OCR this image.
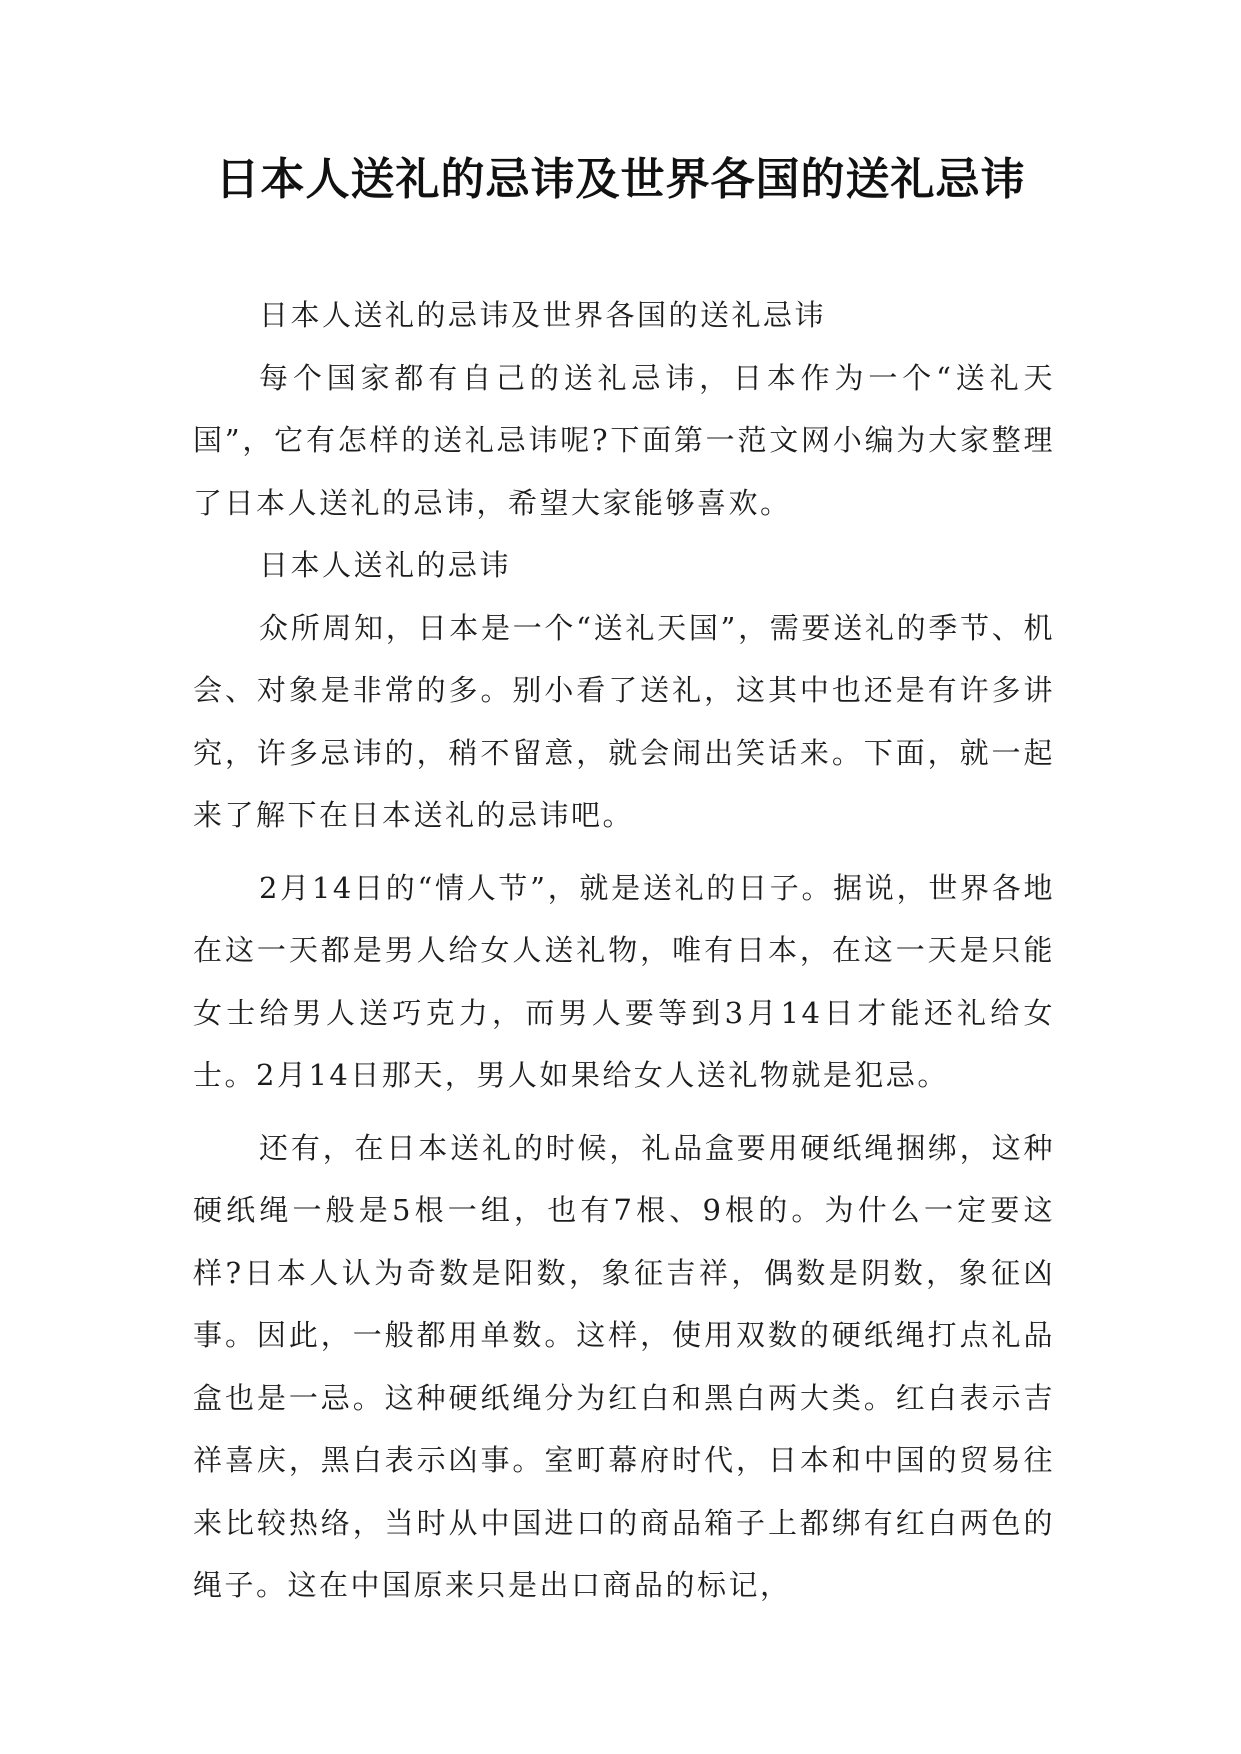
日本人送礼的忌讳及世界各国的送礼忌讳

日本人送礼的忌讳及世界各国的送礼忌讳

每个国家都有自己的送礼忌讳，日本作为一个“送礼天国”，它有怎样的送礼忌讳呢?下面第一范文网小编为大家整理了日本人送礼的忌讳，希望大家能够喜欢。

日本人送礼的忌讳

众所周知，日本是一个“送礼天国”，需要送礼的季节、机会、对象是非常的多。别小看了送礼，这其中也还是有许多讲究，许多忌讳的，稍不留意，就会闹出笑话来。下面，就一起来了解下在日本送礼的忌讳吧。

2月14日的“情人节”，就是送礼的日子。据说，世界各地在这一天都是男人给女人送礼物，唯有日本，在这一天是只能女士给男人送巧克力，而男人要等到3月14日才能还礼给女士。2月14日那天，男人如果给女人送礼物就是犯忌。

还有，在日本送礼的时候，礼品盒要用硬纸绳捆绑，这种硬纸绳一般是5根一组，也有7根、9根的。为什么一定要这样?日本人认为奇数是阳数，象征吉祥，偶数是阴数，象征凶事。因此，一般都用单数。这样，使用双数的硬纸绳打点礼品盒也是一忌。这种硬纸绳分为红白和黑白两大类。红白表示吉祥喜庆，黑白表示凶事。室町幕府时代，日本和中国的贸易往来比较热络，当时从中国进口的商品箱子上都绑有红白两色的绳子。这在中国原来只是出口商品的标记，
